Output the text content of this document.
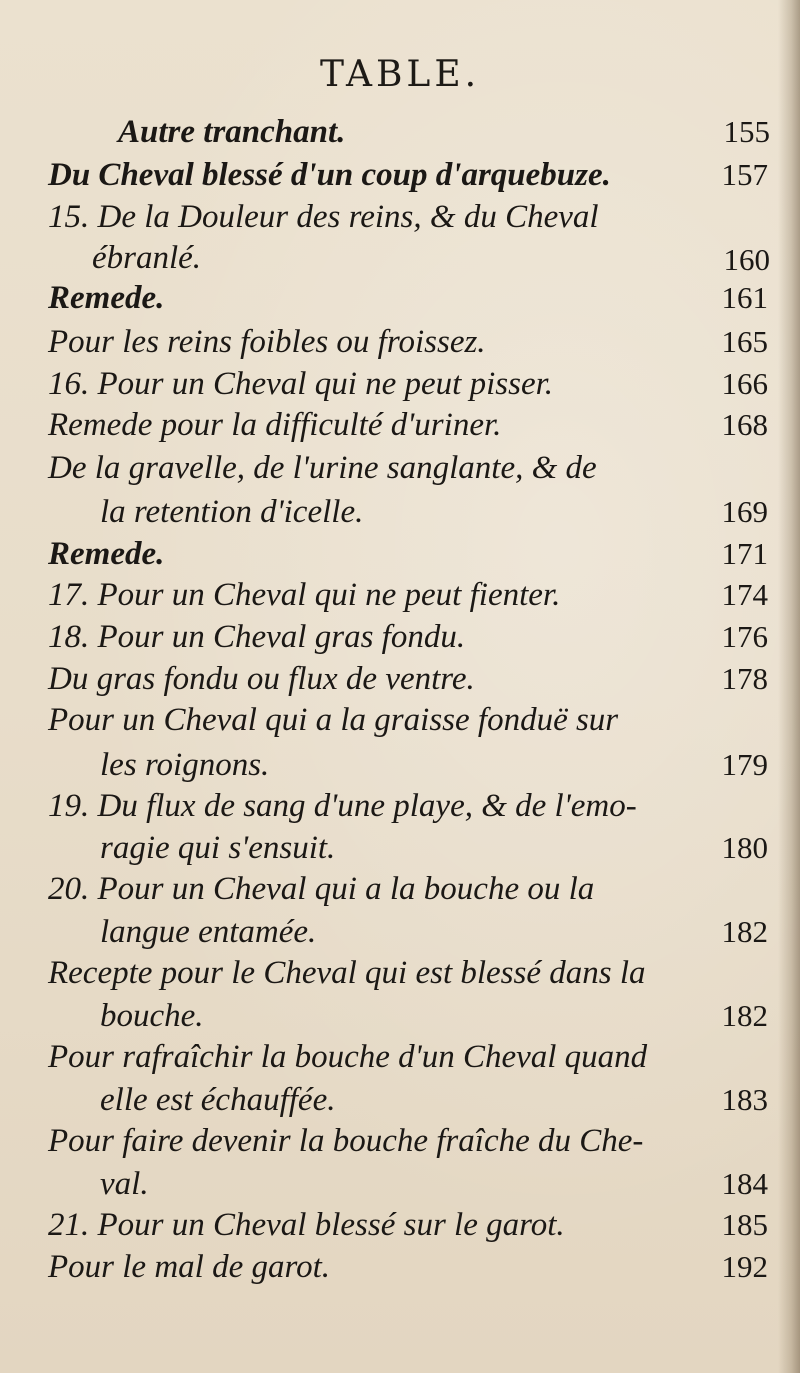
TABLE.
Autre tranchant.	155
Du Cheval blessé d'un coup d'arquebuze.	157
15. De la Douleur des reins, & du Cheval
ébranlé.	160
Remede.	161
Pour les reins foibles ou froissez.	165
16. Pour un Cheval qui ne peut pisser.	166
Remede pour la difficulté d'uriner.	168
De la gravelle, de l'urine sanglante, & de
la retention d'icelle.	169
Remede.	171
17. Pour un Cheval qui ne peut fienter.	174
18. Pour un Cheval gras fondu.	176
Du gras fondu ou flux de ventre.	178
Pour un Cheval qui a la graisse fonduë sur
les roignons.	179
19. Du flux de sang d'une playe, & de l'emo-
ragie qui s'ensuit.	180
20. Pour un Cheval qui a la bouche ou la
langue entamée.	182
Recepte pour le Cheval qui est blessé dans la
bouche.	182
Pour rafraîchir la bouche d'un Cheval quand
elle est échauffée.	183
Pour faire devenir la bouche fraîche du Che-
val.	184
21. Pour un Cheval blessé sur le garot.	185
Pour le mal de garot.	192
